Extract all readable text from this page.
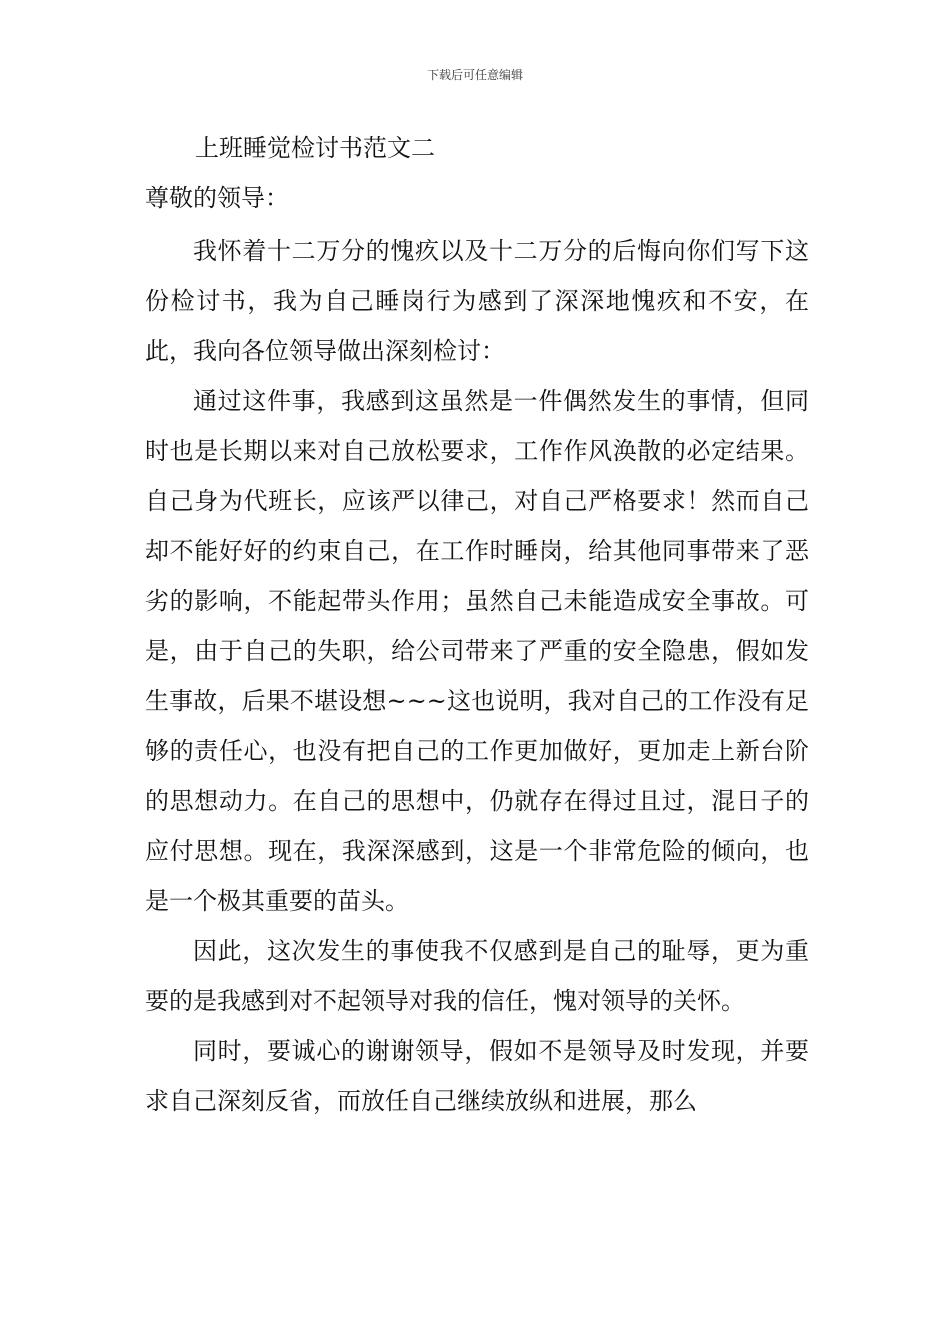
下载后可任意编辑
上班睡觉检讨书范文二
尊敬的领导：

我怀着十二万分的愧疚以及十二万分的后悔向你们写下这份检讨书，我为自己睡岗行为感到了深深地愧疚和不安，在此，我向各位领导做出深刻检讨：

通过这件事，我感到这虽然是一件偶然发生的事情，但同时也是长期以来对自己放松要求，工作作风涣散的必定结果。自己身为代班长，应该严以律己，对自己严格要求！然而自己却不能好好的约束自己，在工作时睡岗，给其他同事带来了恶劣的影响，不能起带头作用；虽然自己未能造成安全事故。可是，由于自己的失职，给公司带来了严重的安全隐患，假如发生事故，后果不堪设想~~~这也说明，我对自己的工作没有足够的责任心，也没有把自己的工作更加做好，更加走上新台阶的思想动力。在自己的思想中，仍就存在得过且过，混日子的应付思想。现在，我深深感到，这是一个非常危险的倾向，也是一个极其重要的苗头。

因此，这次发生的事使我不仅感到是自己的耻辱，更为重要的是我感到对不起领导对我的信任，愧对领导的关怀。

同时，要诚心的谢谢领导，假如不是领导及时发现，并要求自己深刻反省，而放任自己继续放纵和进展，那么
